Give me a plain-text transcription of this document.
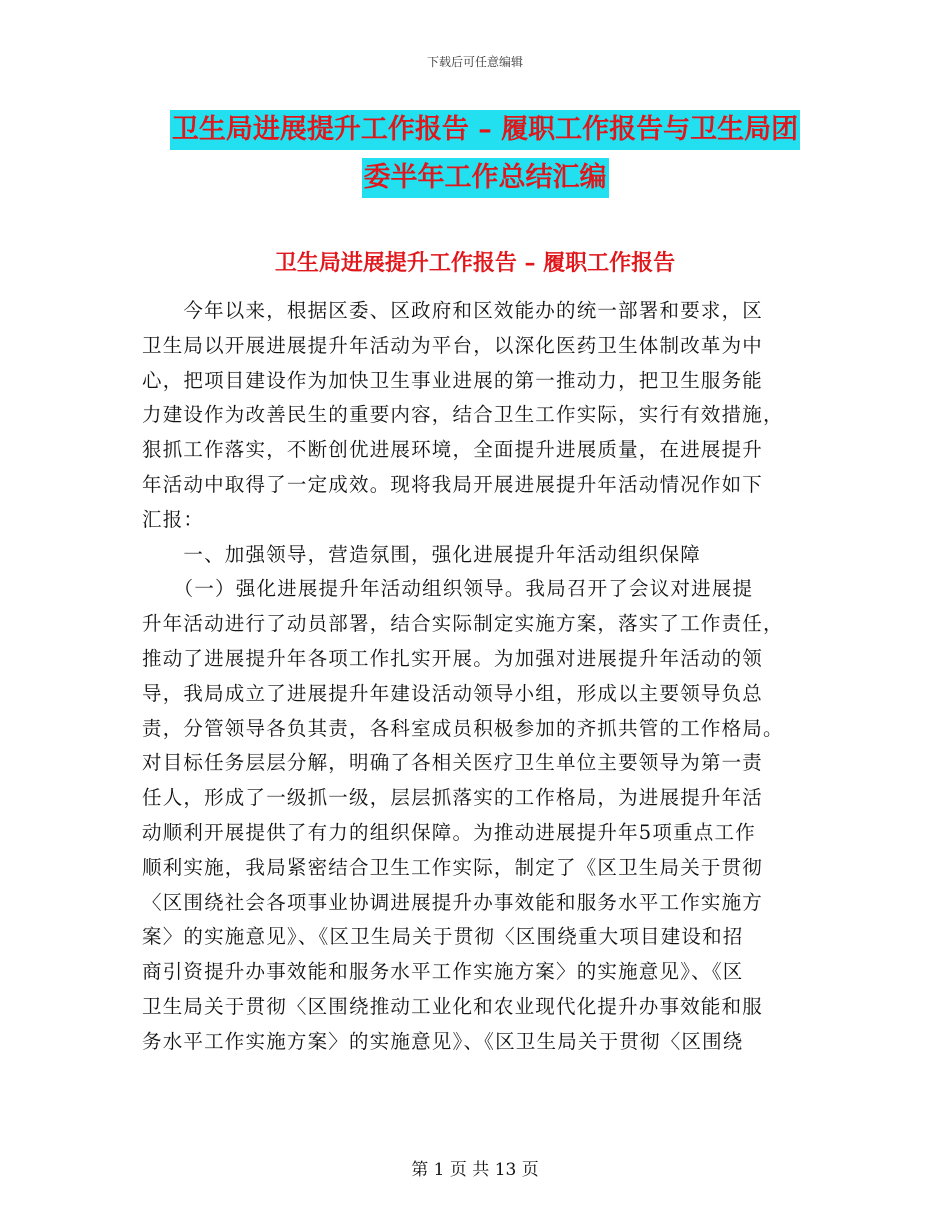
下载后可任意编辑
卫生局进展提升工作报告 – 履职工作报告与卫生局团
委半年工作总结汇编
卫生局进展提升工作报告 – 履职工作报告
　　今年以来，根据区委、区政府和区效能办的统一部署和要求，区
卫生局以开展进展提升年活动为平台，以深化医药卫生体制改革为中
心，把项目建设作为加快卫生事业进展的第一推动力，把卫生服务能
力建设作为改善民生的重要内容，结合卫生工作实际，实行有效措施，
狠抓工作落实，不断创优进展环境，全面提升进展质量，在进展提升
年活动中取得了一定成效。现将我局开展进展提升年活动情况作如下
汇报：
　　一、加强领导，营造氛围，强化进展提升年活动组织保障
　　（一）强化进展提升年活动组织领导。我局召开了会议对进展提
升年活动进行了动员部署，结合实际制定实施方案，落实了工作责任，
推动了进展提升年各项工作扎实开展。为加强对进展提升年活动的领
导，我局成立了进展提升年建设活动领导小组，形成以主要领导负总
责，分管领导各负其责，各科室成员积极参加的齐抓共管的工作格局。
对目标任务层层分解，明确了各相关医疗卫生单位主要领导为第一责
任人，形成了一级抓一级，层层抓落实的工作格局，为进展提升年活
动顺利开展提供了有力的组织保障。为推动进展提升年5项重点工作
顺利实施，我局紧密结合卫生工作实际，制定了《区卫生局关于贯彻
〈区围绕社会各项事业协调进展提升办事效能和服务水平工作实施方
案〉的实施意见》、《区卫生局关于贯彻〈区围绕重大项目建设和招
商引资提升办事效能和服务水平工作实施方案〉的实施意见》、《区
卫生局关于贯彻〈区围绕推动工业化和农业现代化提升办事效能和服
务水平工作实施方案〉的实施意见》、《区卫生局关于贯彻〈区围绕
第 1 页 共 13 页
